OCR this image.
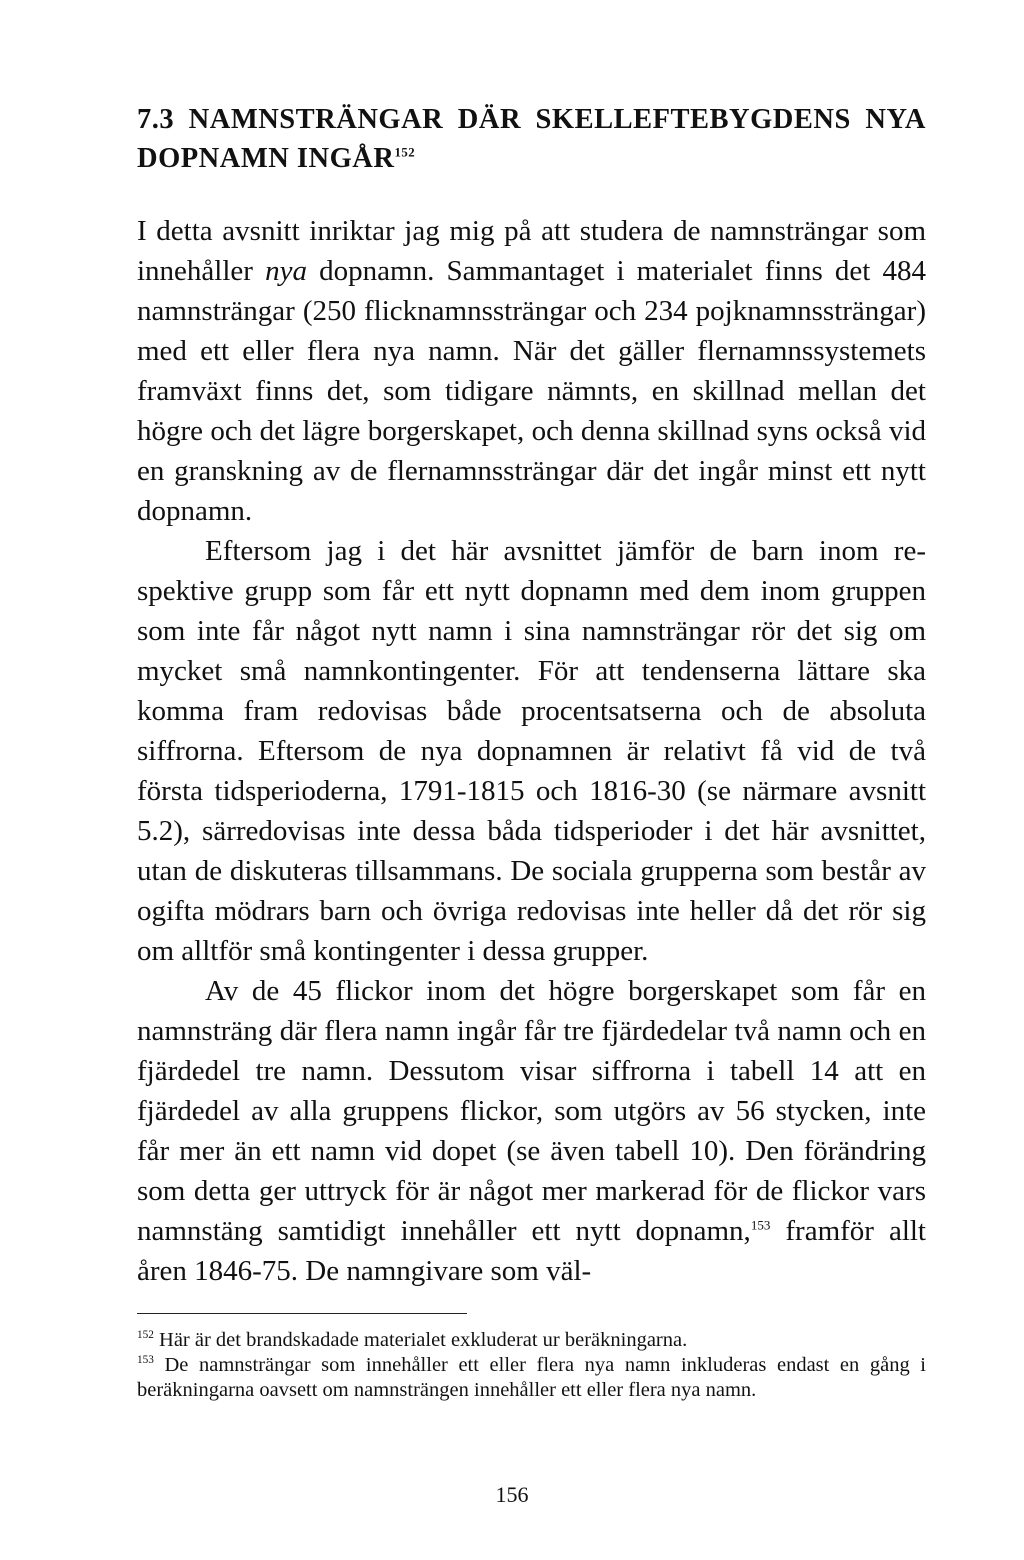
7.3 NAMNSTRÄNGAR DÄR SKELLEFTEBYGDENS NYA
DOPNAMN INGÅR$^{152}$

I detta avsnitt inriktar jag mig på att studera de namnsträngar som innehåller nya dopnamn. Sammantaget i materialet finns det 484 namnsträngar (250 flicknamnssträngar och 234 pojknamnssträngar) med ett eller flera nya namn. När det gäller flernamnssystemets framväxt finns det, som tidigare nämnts, en skillnad mellan det högre och det lägre borgerskapet, och denna skillnad syns också vid en granskning av de flernamnssträngar där det ingår minst ett nytt dopnamn.

Eftersom jag i det här avsnittet jämför de barn inom respektive grupp som får ett nytt dopnamn med dem inom gruppen som inte får något nytt namn i sina namnsträngar rör det sig om mycket små namnkontingenter. För att tendenserna lättare ska komma fram redovisas både procentsatserna och de absoluta siffrorna. Eftersom de nya dopnamnen är relativt få vid de två första tidsperioderna, 1791-1815 och 1816-30 (se närmare avsnitt 5.2), särredovisas inte dessa båda tidsperioder i det här avsnittet, utan de diskuteras tillsammans. De sociala grupperna som består av ogifta mödrars barn och övriga redovisas inte heller då det rör sig om alltför små kontingenter i dessa grupper.

Av de 45 flickor inom det högre borgerskapet som får en namnsträng där flera namn ingår får tre fjärdedelar två namn och en fjärdedel tre namn. Dessutom visar siffrorna i tabell 14 att en fjärdedel av alla gruppens flickor, som utgörs av 56 stycken, inte får mer än ett namn vid dopet (se även tabell 10). Den förändring som detta ger uttryck för är något mer markerad för de flickor vars namnstäng samtidigt innehåller ett nytt dopnamn,$^{153}$ framför allt åren 1846-75. De namngivare som väl-

$^{152}$ Här är det brandskadade materialet exkluderat ur beräkningarna.

$^{153}$ De namnsträngar som innehåller ett eller flera nya namn inkluderas endast en gång i beräkningarna oavsett om namnsträngen innehåller ett eller flera nya namn.

156
